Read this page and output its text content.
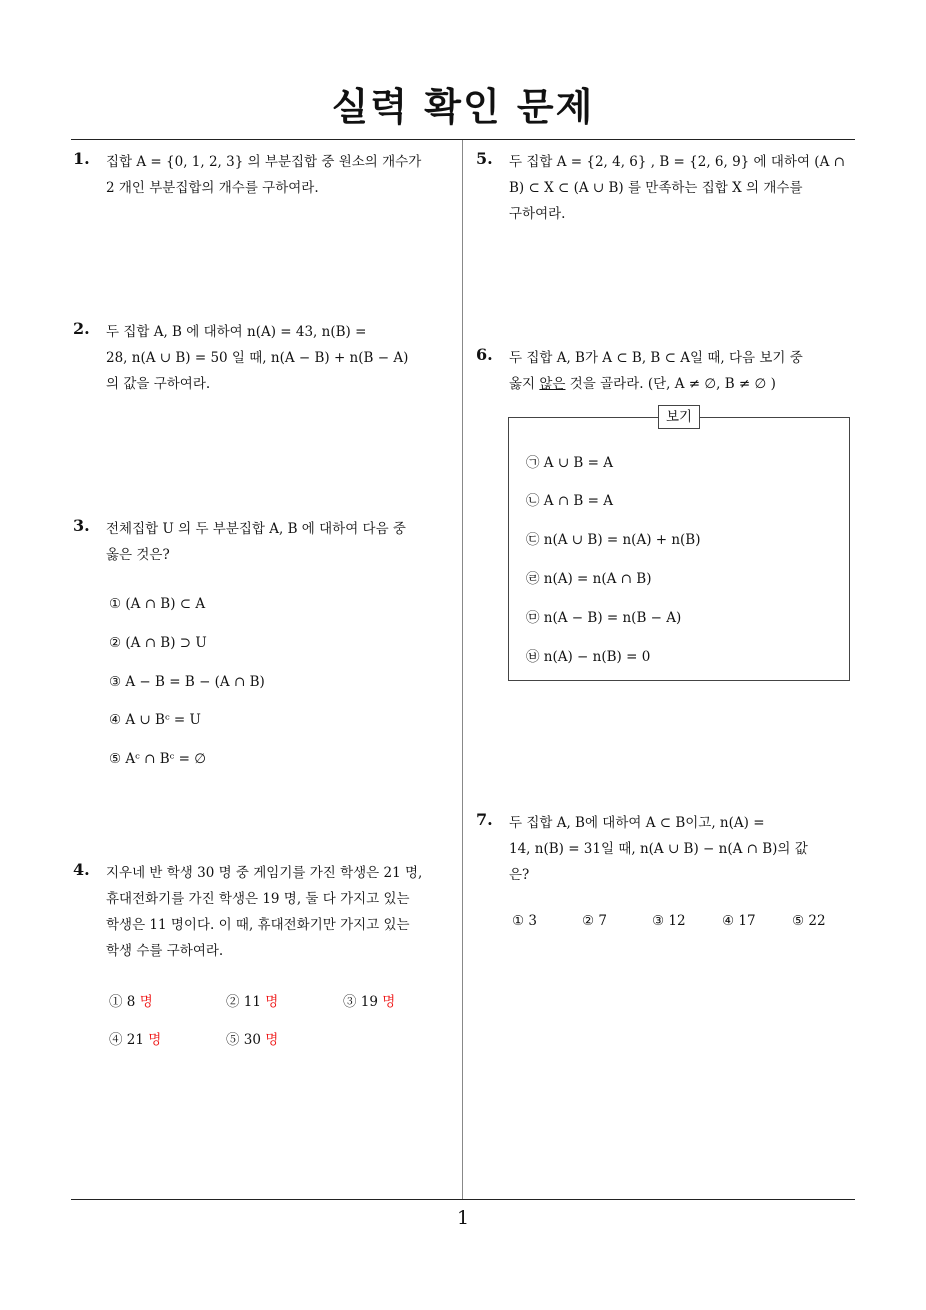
실력 확인 문제
1
1. 집합 A = {0, 1, 2, 3} 의 부분집합 중 원소의 개수가
2 개인 부분집합의 개수를 구하여라.
2. 두 집합 A, B 에 대하여 n(A) = 43, n(B) =
28, n(A ∪ B) = 50 일 때, n(A − B) + n(B − A)
의 값을 구하여라.
3. 전체집합 U 의 두 부분집합 A, B 에 대하여 다음 중
옳은 것은?
① (A ∩ B) ⊂ A
② (A ∩ B) ⊃ U
③ A − B = B − (A ∩ B)
④ A ∪ Bᶜ = U
⑤ Aᶜ ∩ Bᶜ = ∅
4. 지우네 반 학생 30 명 중 게임기를 가진 학생은 21 명,
휴대전화기를 가진 학생은 19 명, 둘 다 가지고 있는
학생은 11 명이다. 이 때, 휴대전화기만 가지고 있는
학생 수를 구하여라.
① 8 명	② 11 명	③ 19 명
④ 21 명	⑤ 30 명
5. 두 집합 A = {2, 4, 6} , B = {2, 6, 9} 에 대하여 (A ∩
B) ⊂ X ⊂ (A ∪ B) 를 만족하는 집합 X 의 개수를
구하여라.
6. 두 집합 A, B가 A ⊂ B, B ⊂ A일 때, 다음 보기 중
옳지 않은 것을 골라라. (단, A ≠ ∅, B ≠ ∅ )
보기
㉠ A ∪ B = A
㉡ A ∩ B = A
㉢ n(A ∪ B) = n(A) + n(B)
㉣ n(A) = n(A ∩ B)
㉤ n(A − B) = n(B − A)
㉥ n(A) − n(B) = 0
7. 두 집합 A, B에 대하여 A ⊂ B이고, n(A) =
14, n(B) = 31일 때, n(A ∪ B) − n(A ∩ B)의 값
은?
① 3	② 7	③ 12	④ 17	⑤ 22
